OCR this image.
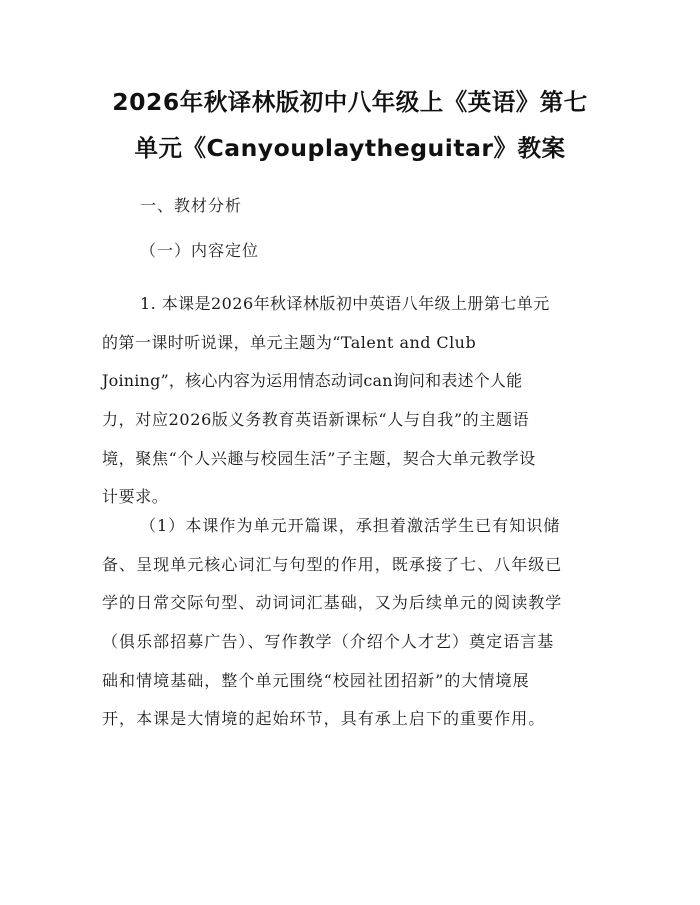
2026年秋译林版初中八年级上《英语》第七
单元《Canyouplaytheguitar》教案
一、教材分析
（一）内容定位
1. 本课是2026年秋译林版初中英语八年级上册第七单元
的第一课时听说课，单元主题为“Talent and Club
Joining”，核心内容为运用情态动词can询问和表述个人能
力，对应2026版义务教育英语新课标“人与自我”的主题语
境，聚焦“个人兴趣与校园生活”子主题，契合大单元教学设
计要求。
（1）本课作为单元开篇课，承担着激活学生已有知识储
备、呈现单元核心词汇与句型的作用，既承接了七、八年级已
学的日常交际句型、动词词汇基础，又为后续单元的阅读教学
（俱乐部招募广告）、写作教学（介绍个人才艺）奠定语言基
础和情境基础，整个单元围绕“校园社团招新”的大情境展
开，本课是大情境的起始环节，具有承上启下的重要作用。
